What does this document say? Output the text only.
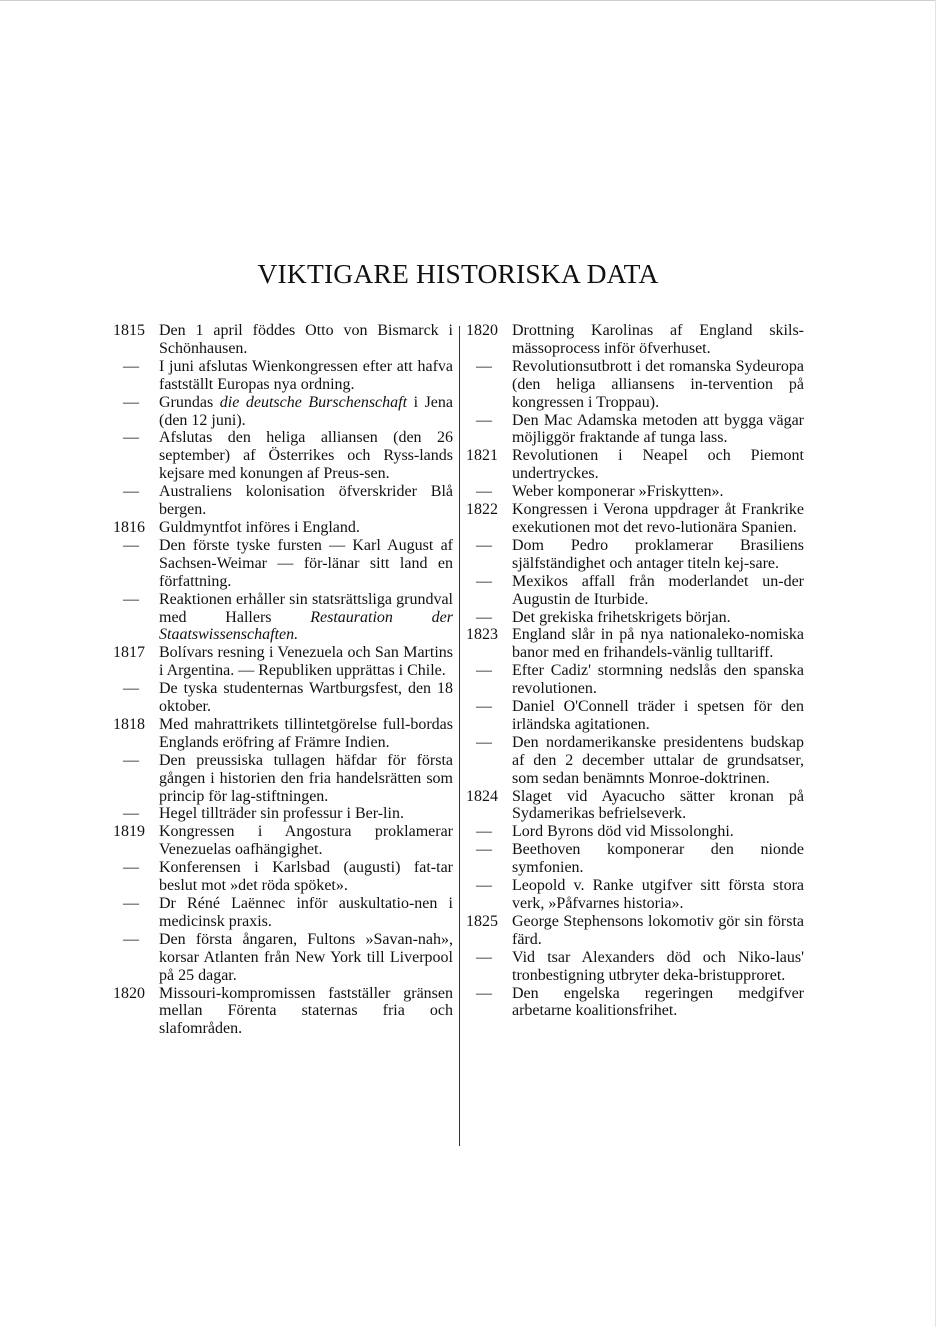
VIKTIGARE HISTORISKA DATA
1815 Den 1 april föddes Otto von Bismarck i Schönhausen.
—	I juni afslutas Wienkongressen efter att hafva fastställt Europas nya ordning.
—	Grundas die deutsche Burschenschaft i Jena (den 12 juni).
—	Afslutas den heliga alliansen (den 26 september) af Österrikes och Ryss-lands kejsare med konungen af Preus-sen.
—	Australiens kolonisation öfverskrider Blå bergen.
1816 Guldmyntfot införes i England.
—	Den förste tyske fursten — Karl August af Sachsen-Weimar — för-länar sitt land en författning.
—	Reaktionen erhåller sin statsrättsliga grundval med Hallers Restauration der Staatswissenschaften.
1817 Bolívars resning i Venezuela och San Martins i Argentina. — Republiken upprättas i Chile.
—	De tyska studenternas Wartburgsfest, den 18 oktober.
1818 Med mahrattrikets tillintetgörelse full-bordas Englands eröfring af Främre Indien.
—	Den preussiska tullagen häfdar för första gången i historien den fria handelsrätten som princip för lag-stiftningen.
—	Hegel tillträder sin professur i Ber-lin.
1819 Kongressen i Angostura proklamerar Venezuelas oafhängighet.
—	Konferensen i Karlsbad (augusti) fat-tar beslut mot »det röda spöket».
—	Dr Réné Laënnec inför auskultatio-nen i medicinsk praxis.
—	Den första ångaren, Fultons »Savan-nah», korsar Atlanten från New York till Liverpool på 25 dagar.
1820 Missouri-kompromissen fastställer gränsen mellan Förenta staternas fria och slafområden.
1820 Drottning Karolinas af England skils-mässoprocess inför öfverhuset.
—	Revolutionsutbrott i det romanska Sydeuropa (den heliga alliansens in-tervention på kongressen i Troppau).
—	Den Mac Adamska metoden att bygga vägar möjliggör fraktande af tunga lass.
1821 Revolutionen i Neapel och Piemont undertryckes.
—	Weber komponerar »Friskytten».
1822 Kongressen i Verona uppdrager åt Frankrike exekutionen mot det revo-lutionära Spanien.
—	Dom Pedro proklamerar Brasiliens själfständighet och antager titeln kej-sare.
—	Mexikos affall från moderlandet un-der Augustin de Iturbide.
—	Det grekiska frihetskrigets början.
1823 England slår in på nya nationaleko-nomiska banor med en frihandels-vänlig tulltariff.
—	Efter Cadiz' stormning nedslås den spanska revolutionen.
—	Daniel O'Connell träder i spetsen för den irländska agitationen.
—	Den nordamerikanske presidentens budskap af den 2 december uttalar de grundsatser, som sedan benämnts Monroe-doktrinen.
1824 Slaget vid Ayacucho sätter kronan på Sydamerikas befrielseverk.
—	Lord Byrons död vid Missolonghi.
—	Beethoven komponerar den nionde symfonien.
—	Leopold v. Ranke utgifver sitt första stora verk, »Påfvarnes historia».
1825 George Stephensons lokomotiv gör sin första färd.
—	Vid tsar Alexanders död och Niko-laus' tronbestigning utbryter deka-bristupproret.
—	Den engelska regeringen medgifver arbetarne koalitionsfrihet.
